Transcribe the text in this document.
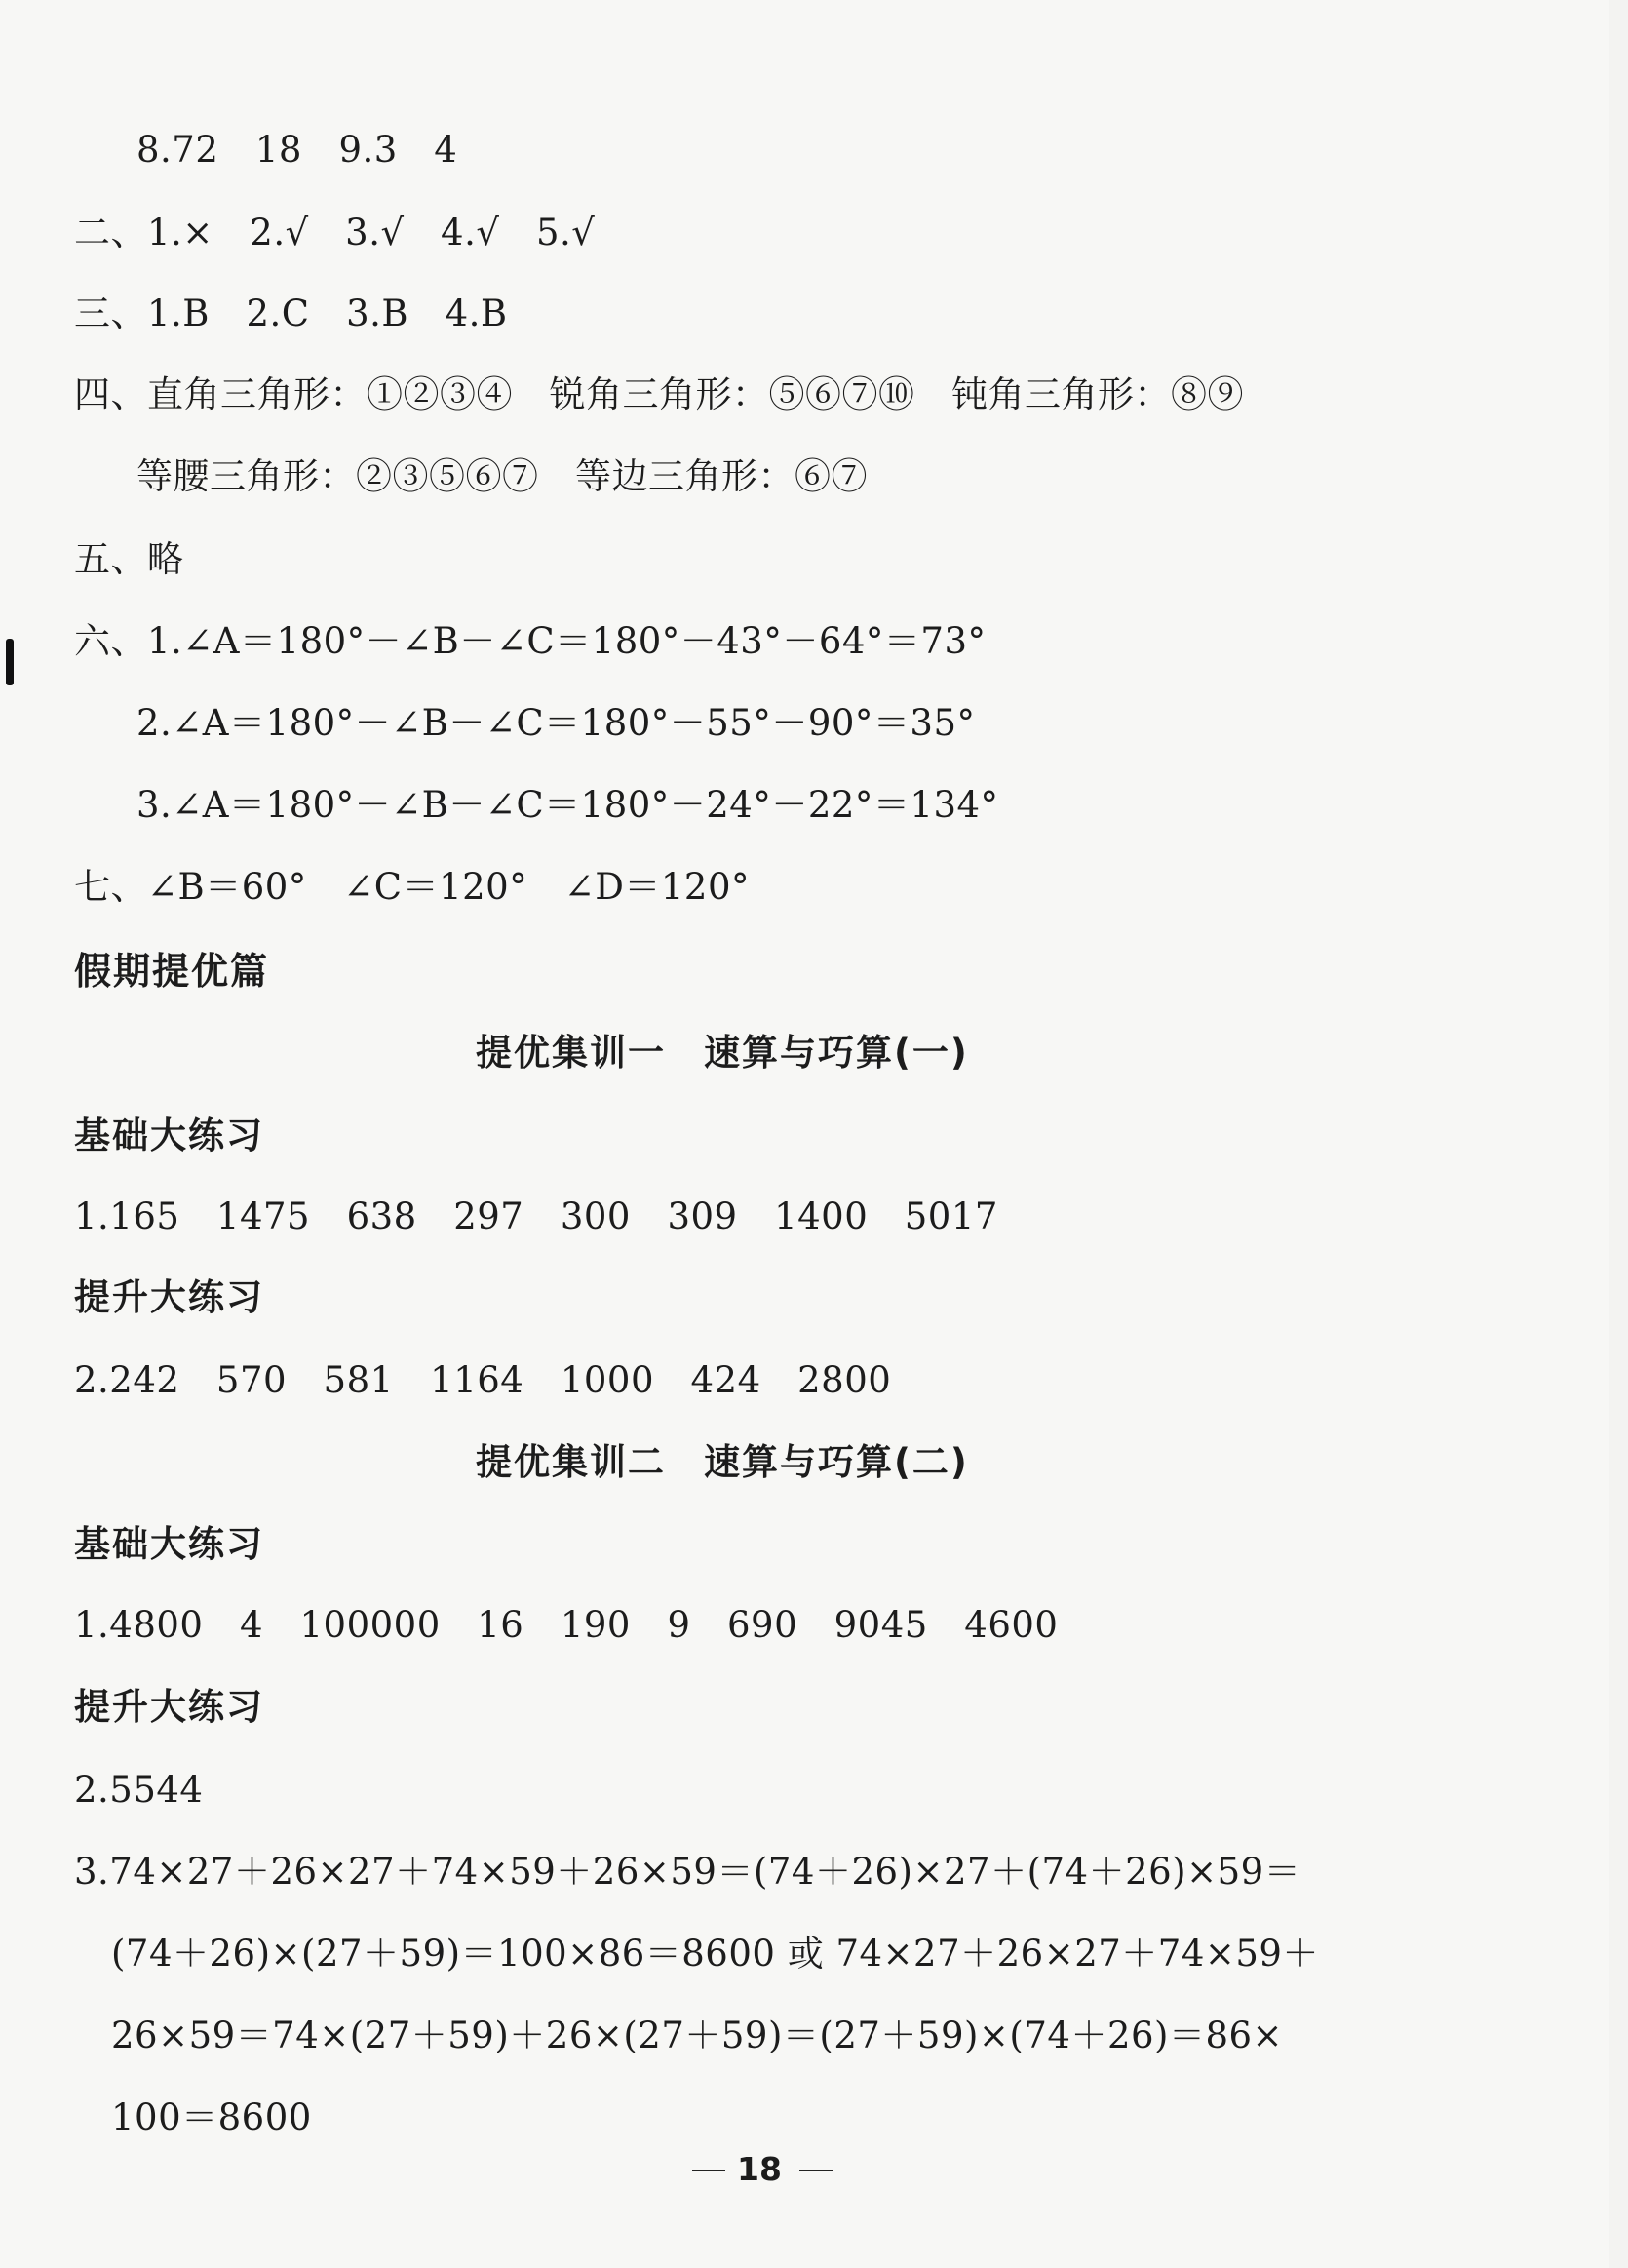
8.72　18　9.3　4
二、1.×　2.√　3.√　4.√　5.√
三、1.B　2.C　3.B　4.B
四、直角三角形：①②③④　锐角三角形：⑤⑥⑦⑩　钝角三角形：⑧⑨
等腰三角形：②③⑤⑥⑦　等边三角形：⑥⑦
五、略
六、1.∠A＝180°－∠B－∠C＝180°－43°－64°＝73°
2.∠A＝180°－∠B－∠C＝180°－55°－90°＝35°
3.∠A＝180°－∠B－∠C＝180°－24°－22°＝134°
七、∠B＝60°　∠C＝120°　∠D＝120°
假期提优篇
提优集训一　速算与巧算(一)
基础大练习
1.165　1475　638　297　300　309　1400　5017
提升大练习
2.242　570　581　1164　1000　424　2800
提优集训二　速算与巧算(二)
基础大练习
1.4800　4　100000　16　190　9　690　9045　4600
提升大练习
2.5544
3.74×27＋26×27＋74×59＋26×59＝(74＋26)×27＋(74＋26)×59＝
(74＋26)×(27＋59)＝100×86＝8600 或 74×27＋26×27＋74×59＋
26×59＝74×(27＋59)＋26×(27＋59)＝(27＋59)×(74＋26)＝86×
100＝8600
18
